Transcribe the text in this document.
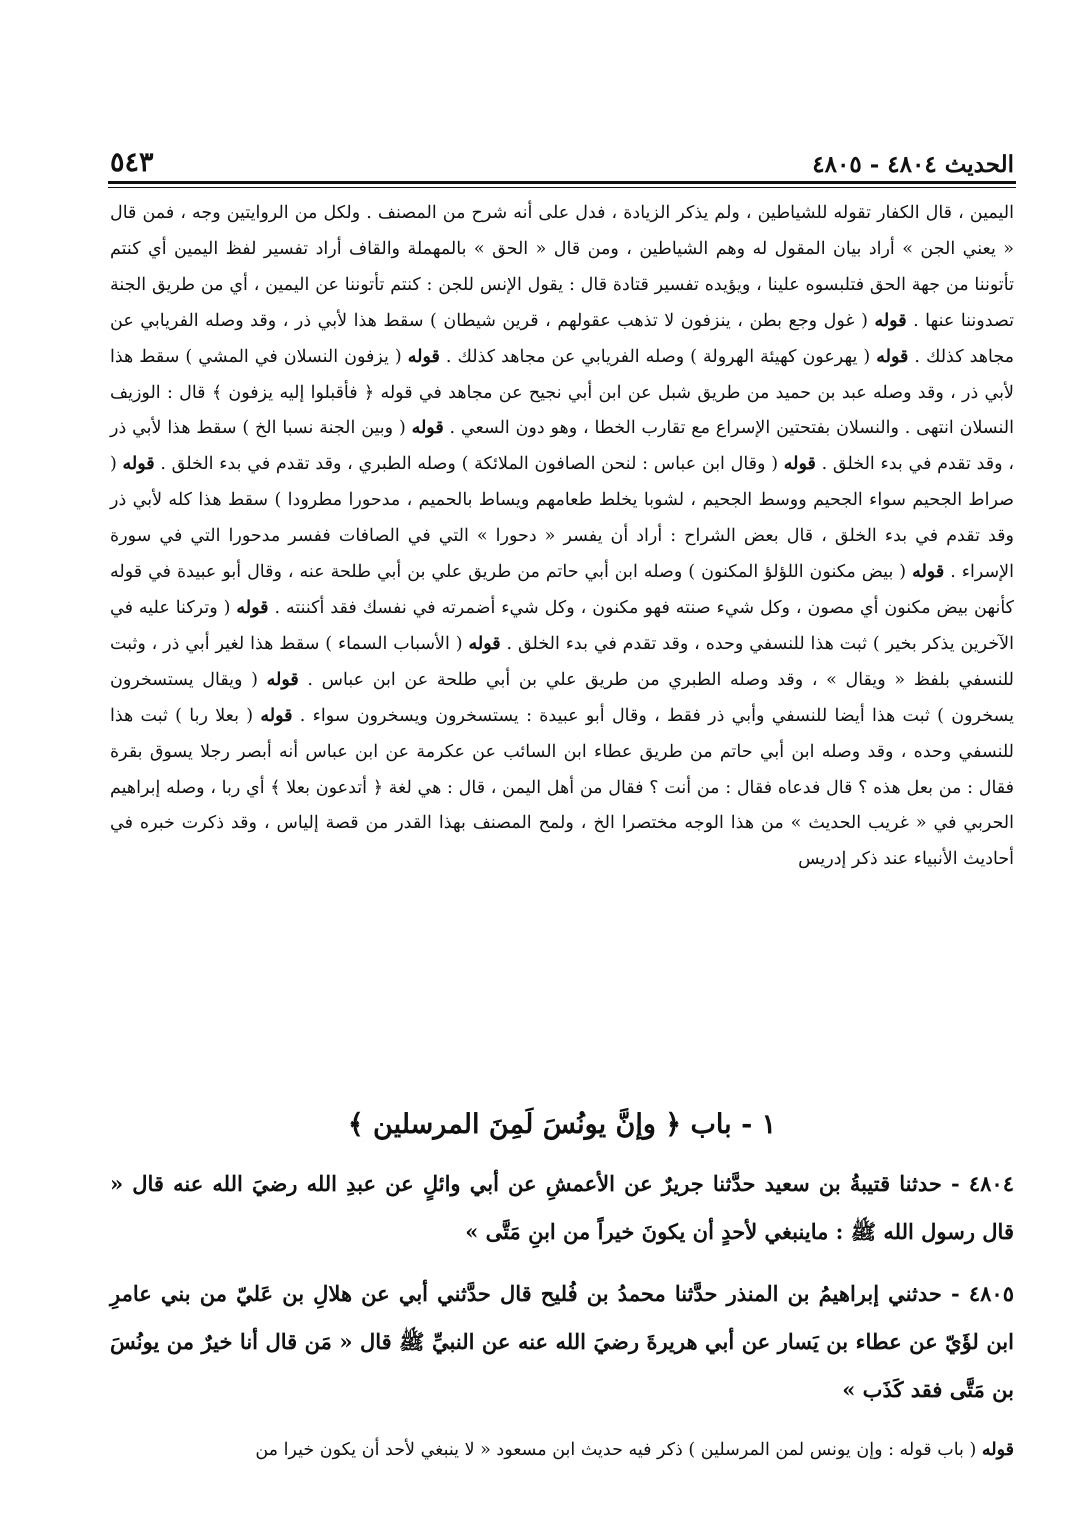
الحديث ٤٨٠٤ - ٤٨٠٥
٥٤٣

اليمين ، قال الكفار تقوله للشياطين ، ولم يذكر الزيادة ، فدل على أنه شرح من المصنف . ولكل من الروايتين وجه ، فمن قال « يعني الجن » أراد بيان المقول له وهم الشياطين ، ومن قال « الحق » بالمهملة والقاف أراد تفسير لفظ اليمين أي كنتم تأتوننا من جهة الحق فتلبسوه علينا ، ويؤيده تفسير قتادة قال : يقول الإنس للجن : كنتم تأتوننا عن اليمين ، أي من طريق الجنة تصدوننا عنها . قوله ( غول وجع بطن ، ينزفون لا تذهب عقولهم ، قرين شيطان ) سقط هذا لأبي ذر ، وقد وصله الفريابي عن مجاهد كذلك . قوله ( يهرعون كهيئة الهرولة ) وصله الفريابي عن مجاهد كذلك . قوله ( يزفون النسلان في المشي ) سقط هذا لأبي ذر ، وقد وصله عبد بن حميد من طريق شبل عن ابن أبي نجيح عن مجاهد في قوله ﴿ فأقبلوا إليه يزفون ﴾ قال : الوزيف النسلان انتهى . والنسلان بفتحتين الإسراع مع تقارب الخطا ، وهو دون السعي . قوله ( وبين الجنة نسبا الخ ) سقط هذا لأبي ذر ، وقد تقدم في بدء الخلق . قوله ( وقال ابن عباس : لنحن الصافون الملائكة ) وصله الطبري ، وقد تقدم في بدء الخلق . قوله ( صراط الجحيم سواء الجحيم ووسط الجحيم ، لشوبا يخلط طعامهم ويساط بالحميم ، مدحورا مطرودا ) سقط هذا كله لأبي ذر وقد تقدم في بدء الخلق ، قال بعض الشراح : أراد أن يفسر « دحورا » التي في الصافات ففسر مدحورا التي في سورة الإسراء . قوله ( بيض مكنون اللؤلؤ المكنون ) وصله ابن أبي حاتم من طريق علي بن أبي طلحة عنه ، وقال أبو عبيدة في قوله كأنهن بيض مكنون أي مصون ، وكل شيء صنته فهو مكنون ، وكل شيء أضمرته في نفسك فقد أكننته . قوله ( وتركنا عليه في الآخرين يذكر بخير ) ثبت هذا للنسفي وحده ، وقد تقدم في بدء الخلق . قوله ( الأسباب السماء ) سقط هذا لغير أبي ذر ، وثبت للنسفي بلفظ « ويقال » ، وقد وصله الطبري من طريق علي بن أبي طلحة عن ابن عباس . قوله ( ويقال يستسخرون يسخرون ) ثبت هذا أيضا للنسفي وأبي ذر فقط ، وقال أبو عبيدة : يستسخرون ويسخرون سواء . قوله ( بعلا ربا ) ثبت هذا للنسفي وحده ، وقد وصله ابن أبي حاتم من طريق عطاء ابن السائب عن عكرمة عن ابن عباس أنه أبصر رجلا يسوق بقرة فقال : من بعل هذه ؟ قال فدعاه فقال : من أنت ؟ فقال من أهل اليمن ، قال : هي لغة ﴿ أتدعون بعلا ﴾ أي ربا ، وصله إبراهيم الحربي في « غريب الحديث » من هذا الوجه مختصرا الخ ، ولمح المصنف بهذا القدر من قصة إلياس ، وقد ذكرت خبره في أحاديث الأنبياء عند ذكر إدريس

١ - باب ﴿ وإنَّ يونُسَ لَمِنَ المرسلين ﴾

٤٨٠٤ - حدثنا قتيبةُ بن سعيد حدَّثنا جريرٌ عن الأعمشِ عن أبي وائلٍ عن عبدِ الله رضيَ الله عنه قال « قال رسول الله ﷺ : ماينبغي لأحدٍ أن يكونَ خيراً من ابنِ مَتَّى »

٤٨٠٥ - حدثني إبراهيمُ بن المنذر حدَّثنا محمدُ بن فُليح قال حدَّثني أبي عن هلالِ بن عَليّ من بني عامرِ ابن لؤَيّ عن عطاء بن يَسار عن أبي هريرةَ رضيَ الله عنه عن النبيِّ ﷺ قال « مَن قال أنا خيرٌ من يونُسَ بن مَتَّى فقد كَذَب »

قوله ( باب قوله : وإن يونس لمن المرسلين ) ذكر فيه حديث ابن مسعود « لا ينبغي لأحد أن يكون خيرا من
